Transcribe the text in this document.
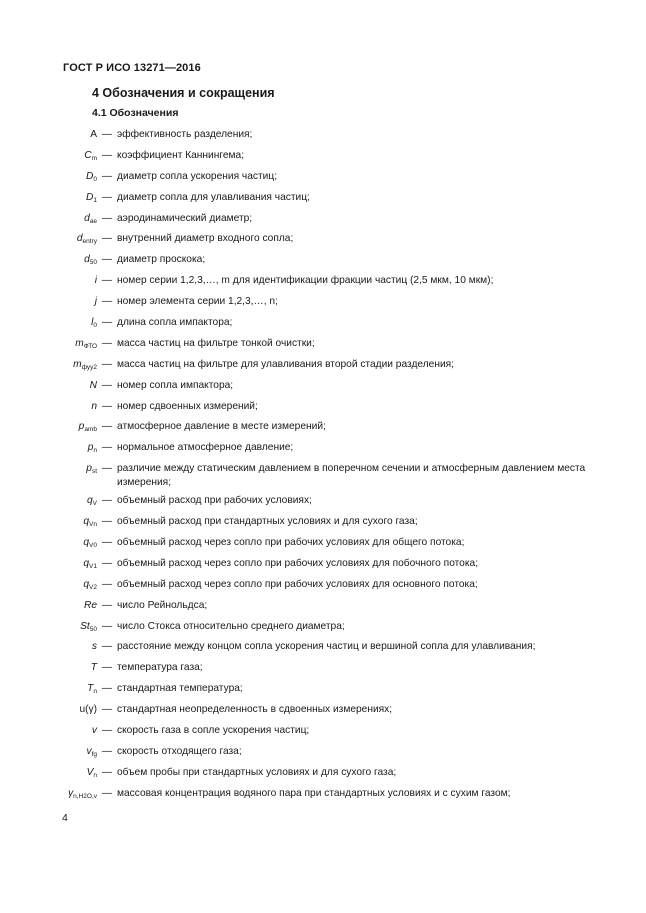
ГОСТ Р ИСО 13271—2016
4 Обозначения и сокращения
4.1 Обозначения
A — эффективность разделения;
$C_m$ — коэффициент Каннингема;
$D_0$ — диаметр сопла ускорения частиц;
$D_1$ — диаметр сопла для улавливания частиц;
$d_{ae}$ — аэродинамический диаметр;
$d_{entry}$ — внутренний диаметр входного сопла;
$d_{50}$ — диаметр проскока;
i — номер серии 1,2,3,…, m для идентификации фракции частиц (2,5 мкм, 10 мкм);
j — номер элемента серии 1,2,3,…, n;
$l_0$ — длина сопла импактора;
$m_{ФТО}$ — масса частиц на фильтре тонкой очистки;
$m_{фуу2}$ — масса частиц на фильтре для улавливания второй стадии разделения;
N — номер сопла импактора;
n — номер сдвоенных измерений;
$p_{amb}$ — атмосферное давление в месте измерений;
$p_n$ — нормальное атмосферное давление;
$p_{st}$ — различие между статическим давлением в поперечном сечении и атмосферным давлением места измерения;
$q_V$ — объемный расход при рабочих условиях;
$q_{Vn}$ — объемный расход при стандартных условиях и для сухого газа;
$q_{V0}$ — объемный расход через сопло при рабочих условиях для общего потока;
$q_{V1}$ — объемный расход через сопло при рабочих условиях для побочного потока;
$q_{V2}$ — объемный расход через сопло при рабочих условиях для основного потока;
Re — число Рейнольдса;
$St_{50}$ — число Стокса относительно среднего диаметра;
s — расстояние между концом сопла ускорения частиц и вершиной сопла для улавливания;
T — температура газа;
$T_n$ — стандартная температура;
u(γ) — стандартная неопределенность в сдвоенных измерениях;
v — скорость газа в сопле ускорения частиц;
$v_{fg}$ — скорость отходящего газа;
$V_n$ — объем пробы при стандартных условиях и для сухого газа;
$\gamma_{n,H2O,v}$ — массовая концентрация водяного пара при стандартных условиях и с сухим газом;
4
